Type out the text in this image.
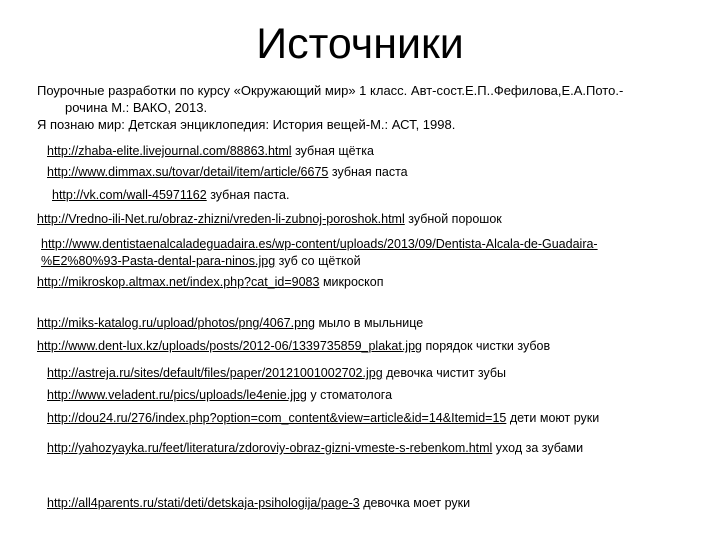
Источники
Поурочные разработки по курсу «Окружающий мир» 1 класс. Авт-сост.Е.П..Фефилова,Е.А.Пото.-
рочина М.: ВАКО, 2013.
Я познаю мир: Детская энциклопедия: История вещей-М.: АСТ, 1998.
http://zhaba-elite.livejournal.com/88863.html зубная щётка
http://www.dimmax.su/tovar/detail/item/article/6675 зубная паста
http://vk.com/wall-45971162 зубная паста.
http://Vredno-ili-Net.ru/obraz-zhizni/vreden-li-zubnoj-poroshok.html зубной порошок
http://www.dentistaenalcaladeguadaira.es/wp-content/uploads/2013/09/Dentista-Alcala-de-Guadaira-
%E2%80%93-Pasta-dental-para-ninos.jpg зуб со щёткой
http://mikroskop.altmax.net/index.php?cat_id=9083 микроскоп
http://miks-katalog.ru/upload/photos/png/4067.png мыло в мыльнице
http://www.dent-lux.kz/uploads/posts/2012-06/1339735859_plakat.jpg порядок чистки зубов
http://astreja.ru/sites/default/files/paper/20121001002702.jpg девочка чистит зубы
http://www.veladent.ru/pics/uploads/le4enie.jpg у стоматолога
http://dou24.ru/276/index.php?option=com_content&view=article&id=14&Itemid=15 дети моют руки
http://yahozyayka.ru/feet/literatura/zdoroviy-obraz-gizni-vmeste-s-rebenkom.html уход за зубами
http://all4parents.ru/stati/deti/detskaja-psihologija/page-3 девочка моет руки
